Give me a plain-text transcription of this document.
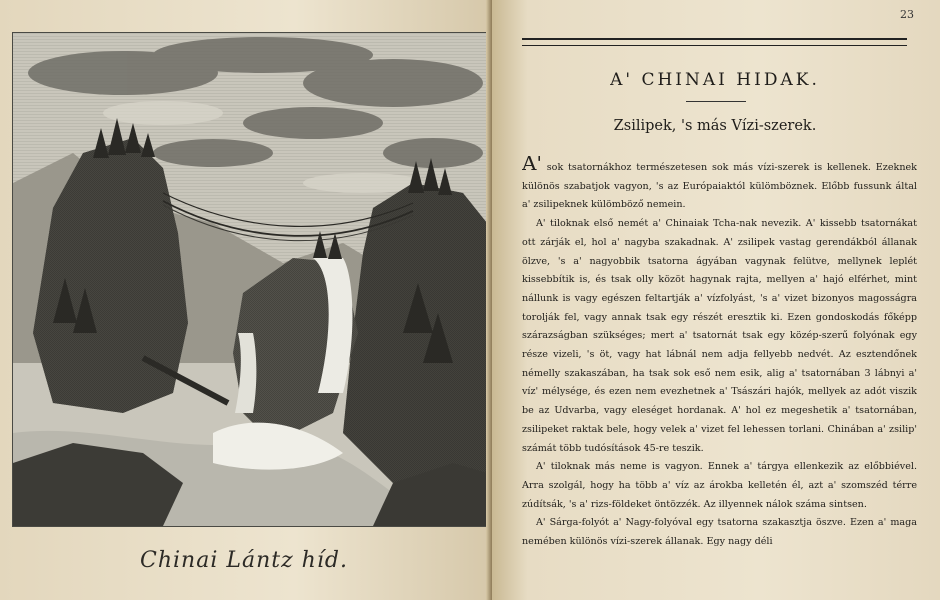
Chinai Lántz híd.
23
A' CHINAI HIDAK.
Zsilipek, 's más Vízi-szerek.

A' sok tsatornákhoz természetesen sok más vízi-szerek is kellenek. Ezeknek különös szabatjok vagyon, 's az Európaiaktól külömböznek. Előbb fussunk által a' zsilipeknek külömböző nemein.

A' tiloknak első nemét a' Chinaiak Tcha-nak nevezik. A' kissebb tsatornákat ott zárják el, hol a' nagyba szakadnak. A' zsilipek vastag gerendákból állanak ölzve, 's a' nagyobbik tsatorna ágyában vagynak felütve, mellynek leplét kissebbítik is, és tsak olly közöt hagynak rajta, mellyen a' hajó elférhet, mint nállunk is vagy egészen feltartják a' vízfolyást, 's a' vizet bizonyos magosságra torolják fel, vagy annak tsak egy részét eresztik ki. Ezen gondoskodás főképp szárazságban szükséges; mert a' tsatornát tsak egy közép-szerű folyónak egy része vizeli, 's öt, vagy hat lábnál nem adja fellyebb nedvét. Az esztendőnek némelly szakaszában, ha tsak sok eső nem esik, alig a' tsatornában 3 lábnyi a' víz' mélysége, és ezen nem evezhetnek a' Tsászári hajók, mellyek az adót viszik be az Udvarba, vagy eleséget hordanak. A' hol ez megeshetik a' tsatornában, zsilipeket raktak bele, hogy velek a' vizet fel lehessen torlani. Chinában a' zsilip' számát több tudósítások 45-re teszik.

A' tiloknak más neme is vagyon. Ennek a' tárgya ellenkezik az előbbiével. Arra szolgál, hogy ha több a' víz az árokba kelletén él, azt a' szomszéd térre zúdítsák, 's a' rizs-földeket öntözzék. Az illyennek nálok száma sintsen.

A' Sárga-folyót a' Nagy-folyóval egy tsatorna szakasztja öszve. Ezen a' maga nemében különös vízi-szerek állanak. Egy nagy déli
